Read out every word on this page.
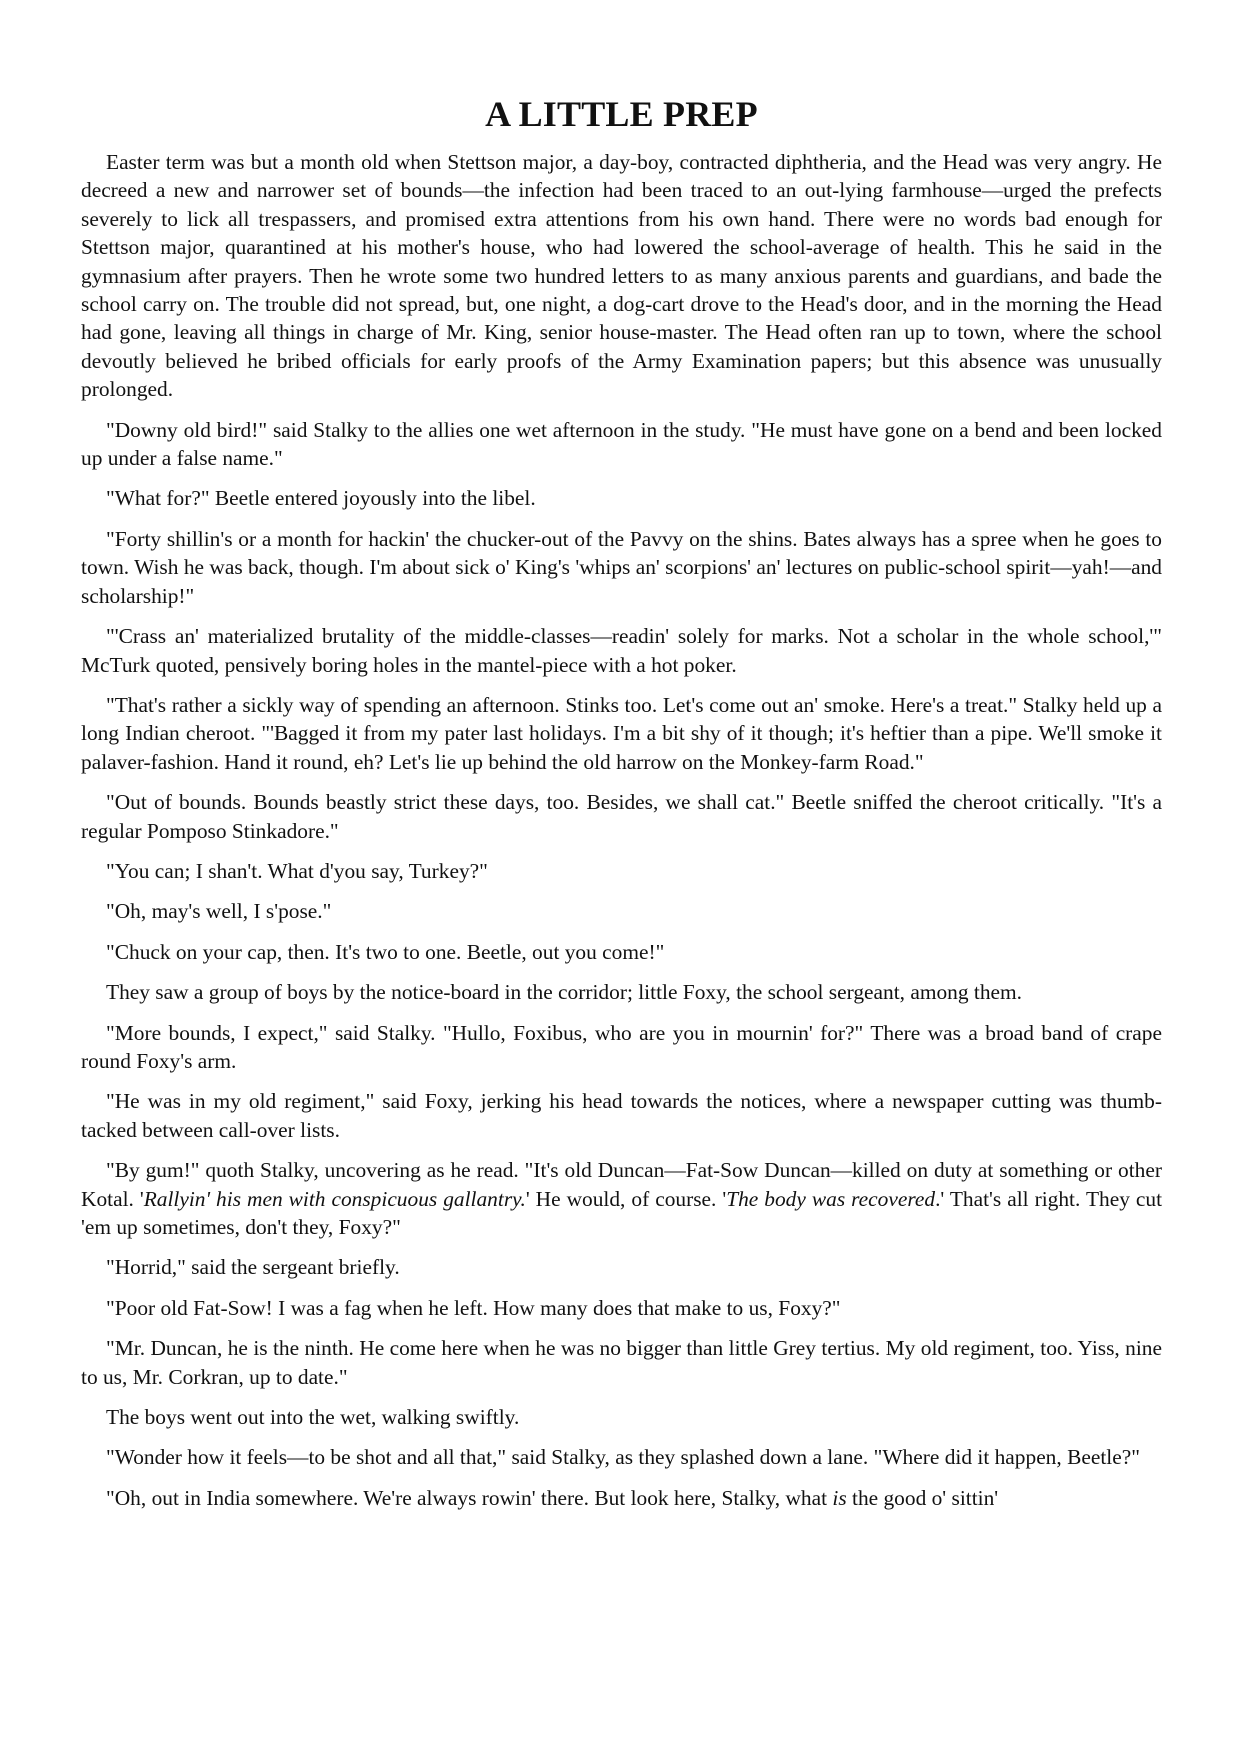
A LITTLE PREP

Easter term was but a month old when Stettson major, a day-boy, contracted diphtheria, and the Head was very angry. He decreed a new and narrower set of bounds—the infection had been traced to an out-lying farmhouse—urged the prefects severely to lick all trespassers, and promised extra attentions from his own hand. There were no words bad enough for Stettson major, quarantined at his mother's house, who had lowered the school-average of health. This he said in the gymnasium after prayers. Then he wrote some two hundred letters to as many anxious parents and guardians, and bade the school carry on. The trouble did not spread, but, one night, a dog-cart drove to the Head's door, and in the morning the Head had gone, leaving all things in charge of Mr. King, senior house-master. The Head often ran up to town, where the school devoutly believed he bribed officials for early proofs of the Army Examination papers; but this absence was unusually prolonged.

"Downy old bird!" said Stalky to the allies one wet afternoon in the study. "He must have gone on a bend and been locked up under a false name."

"What for?" Beetle entered joyously into the libel.

"Forty shillin's or a month for hackin' the chucker-out of the Pavvy on the shins. Bates always has a spree when he goes to town. Wish he was back, though. I'm about sick o' King's 'whips an' scorpions' an' lectures on public-school spirit—yah!—and scholarship!"

"'Crass an' materialized brutality of the middle-classes—readin' solely for marks. Not a scholar in the whole school,'" McTurk quoted, pensively boring holes in the mantel-piece with a hot poker.

"That's rather a sickly way of spending an afternoon. Stinks too. Let's come out an' smoke. Here's a treat." Stalky held up a long Indian cheroot. "'Bagged it from my pater last holidays. I'm a bit shy of it though; it's heftier than a pipe. We'll smoke it palaver-fashion. Hand it round, eh? Let's lie up behind the old harrow on the Monkey-farm Road."

"Out of bounds. Bounds beastly strict these days, too. Besides, we shall cat." Beetle sniffed the cheroot critically. "It's a regular Pomposo Stinkadore."

"You can; I shan't. What d'you say, Turkey?"

"Oh, may's well, I s'pose."

"Chuck on your cap, then. It's two to one. Beetle, out you come!"

They saw a group of boys by the notice-board in the corridor; little Foxy, the school sergeant, among them.

"More bounds, I expect," said Stalky. "Hullo, Foxibus, who are you in mournin' for?" There was a broad band of crape round Foxy's arm.

"He was in my old regiment," said Foxy, jerking his head towards the notices, where a newspaper cutting was thumb-tacked between call-over lists.

"By gum!" quoth Stalky, uncovering as he read. "It's old Duncan—Fat-Sow Duncan—killed on duty at something or other Kotal. 'Rallyin' his men with conspicuous gallantry.' He would, of course. 'The body was recovered.' That's all right. They cut 'em up sometimes, don't they, Foxy?"

"Horrid," said the sergeant briefly.

"Poor old Fat-Sow! I was a fag when he left. How many does that make to us, Foxy?"

"Mr. Duncan, he is the ninth. He come here when he was no bigger than little Grey tertius. My old regiment, too. Yiss, nine to us, Mr. Corkran, up to date."

The boys went out into the wet, walking swiftly.

"Wonder how it feels—to be shot and all that," said Stalky, as they splashed down a lane. "Where did it happen, Beetle?"

"Oh, out in India somewhere. We're always rowin' there. But look here, Stalky, what is the good o' sittin'
